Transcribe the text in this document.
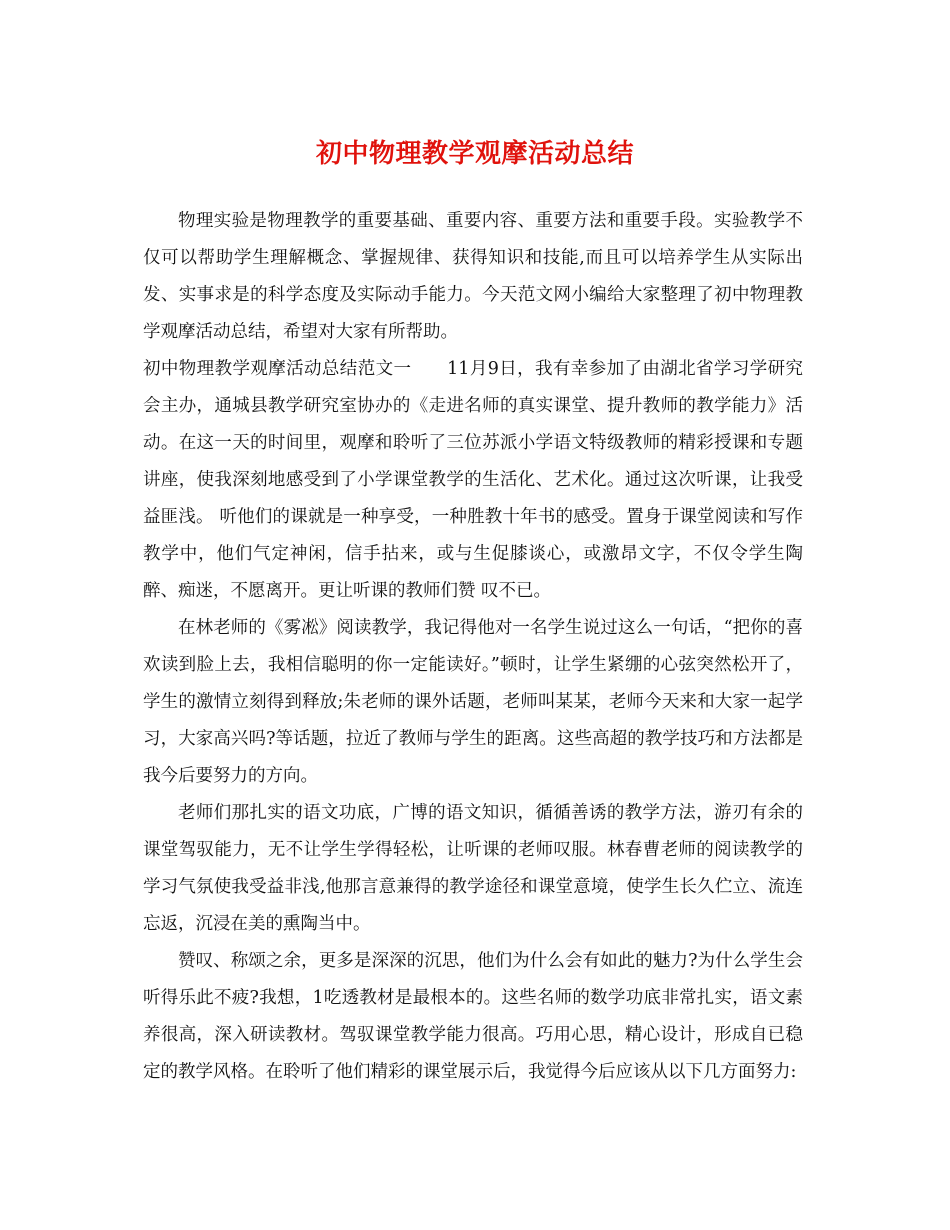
初中物理教学观摩活动总结

物理实验是物理教学的重要基础、重要内容、重要方法和重要手段。实验教学不仅可以帮助学生理解概念、掌握规律、获得知识和技能,而且可以培养学生从实际出发、实事求是的科学态度及实际动手能力。今天范文网小编给大家整理了初中物理教学观摩活动总结，希望对大家有所帮助。

初中物理教学观摩活动总结范文一　　11月9日，我有幸参加了由湖北省学习学研究会主办，通城县教学研究室协办的《走进名师的真实课堂、提升教师的教学能力》活动。在这一天的时间里，观摩和聆听了三位苏派小学语文特级教师的精彩授课和专题讲座，使我深刻地感受到了小学课堂教学的生活化、艺术化。通过这次听课，让我受益匪浅。 听他们的课就是一种享受，一种胜教十年书的感受。置身于课堂阅读和写作教学中，他们气定神闲，信手拈来，或与生促膝谈心，或激昂文字，不仅令学生陶醉、痴迷，不愿离开。更让听课的教师们赞 叹不已。

在林老师的《雾凇》阅读教学，我记得他对一名学生说过这么一句话，“把你的喜欢读到脸上去，我相信聪明的你一定能读好。”顿时，让学生紧绷的心弦突然松开了，学生的激情立刻得到释放;朱老师的课外话题，老师叫某某，老师今天来和大家一起学习，大家高兴吗?等话题，拉近了教师与学生的距离。这些高超的教学技巧和方法都是 我今后要努力的方向。

老师们那扎实的语文功底，广博的语文知识，循循善诱的教学方法，游刃有余的课堂驾驭能力，无不让学生学得轻松，让听课的老师叹服。林春曹老师的阅读教学的学习气氛使我受益非浅,他那言意兼得的教学途径和课堂意境，使学生长久伫立、流连忘返，沉浸在美的熏陶当中。

赞叹、称颂之余，更多是深深的沉思，他们为什么会有如此的魅力?为什么学生会听得乐此不疲?我想，1吃透教材是最根本的。这些名师的数学功底非常扎实，语文素养很高，深入研读教材。驾驭课堂教学能力很高。巧用心思，精心设计，形成自已稳定的教学风格。在聆听了他们精彩的课堂展示后，我觉得今后应该从以下几方面努力:
